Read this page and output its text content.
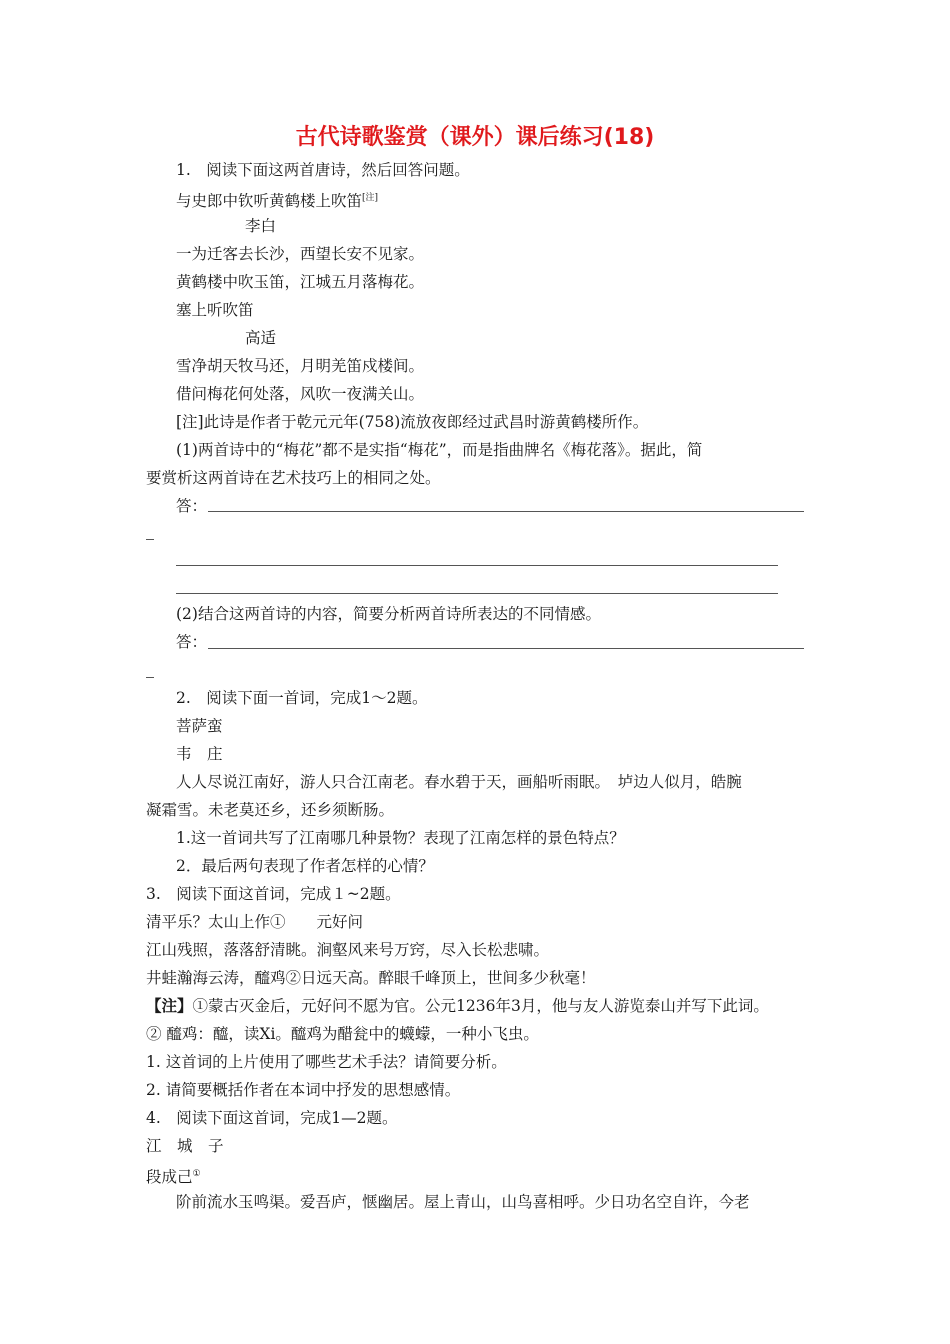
古代诗歌鉴赏（课外）课后练习(18)
1.　阅读下面这两首唐诗，然后回答问题。
与史郎中钦听黄鹤楼上吹笛[注]
李白
一为迁客去长沙，西望长安不见家。
黄鹤楼中吹玉笛，江城五月落梅花。
塞上听吹笛
高适
雪净胡天牧马还，月明羌笛戍楼间。
借问梅花何处落，风吹一夜满关山。
[注]此诗是作者于乾元元年(758)流放夜郎经过武昌时游黄鹤楼所作。
(1)两首诗中的“梅花”都不是实指“梅花”，而是指曲牌名《梅花落》。据此，简
要赏析这两首诗在艺术技巧上的相同之处。
答：
(2)结合这两首诗的内容，简要分析两首诗所表达的不同情感。
答：
2.　阅读下面一首词，完成1～2题。
菩萨蛮
韦　庄
人人尽说江南好，游人只合江南老。春水碧于天，画船听雨眠。　垆边人似月，皓腕
凝霜雪。未老莫还乡，还乡须断肠。
1.这一首词共写了江南哪几种景物？表现了江南怎样的景色特点？
2．最后两句表现了作者怎样的心情？
3.　阅读下面这首词，完成１~2题。
清平乐？太山上作①　　元好问
江山残照，落落舒清眺。涧壑风来号万窍，尽入长松悲啸。
井蛙瀚海云涛，醯鸡②日远天高。醉眼千峰顶上，世间多少秋毫！
【注】①蒙古灭金后，元好问不愿为官。公元1236年3月，他与友人游览泰山并写下此词。
② 醯鸡：醯，读Xi。醯鸡为醋瓮中的蠛蠓，一种小飞虫。
1. 这首词的上片使用了哪些艺术手法？请简要分析。
2. 请简要概括作者在本词中抒发的思想感情。
4.　阅读下面这首词，完成1—2题。
江　城　子
段成己①
阶前流水玉鸣渠。爱吾庐，惬幽居。屋上青山，山鸟喜相呼。少日功名空自许，今老
